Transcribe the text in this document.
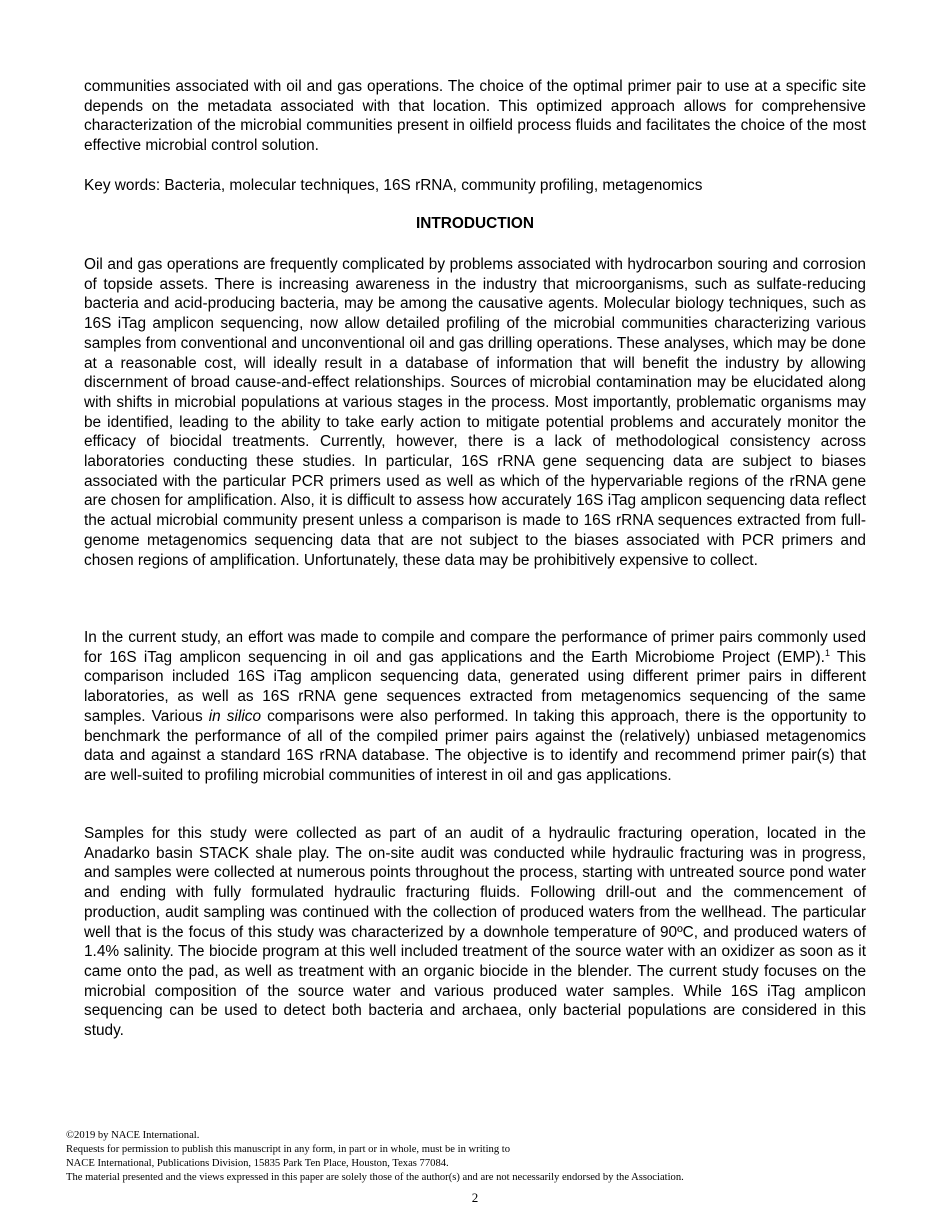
communities associated with oil and gas operations. The choice of the optimal primer pair to use at a specific site depends on the metadata associated with that location. This optimized approach allows for comprehensive characterization of the microbial communities present in oilfield process fluids and facilitates the choice of the most effective microbial control solution.

Key words: Bacteria, molecular techniques, 16S rRNA, community profiling, metagenomics

INTRODUCTION

Oil and gas operations are frequently complicated by problems associated with hydrocarbon souring and corrosion of topside assets. There is increasing awareness in the industry that microorganisms, such as sulfate-reducing bacteria and acid-producing bacteria, may be among the causative agents. Molecular biology techniques, such as 16S iTag amplicon sequencing, now allow detailed profiling of the microbial communities characterizing various samples from conventional and unconventional oil and gas drilling operations. These analyses, which may be done at a reasonable cost, will ideally result in a database of information that will benefit the industry by allowing discernment of broad cause-and-effect relationships. Sources of microbial contamination may be elucidated along with shifts in microbial populations at various stages in the process. Most importantly, problematic organisms may be identified, leading to the ability to take early action to mitigate potential problems and accurately monitor the efficacy of biocidal treatments. Currently, however, there is a lack of methodological consistency across laboratories conducting these studies. In particular, 16S rRNA gene sequencing data are subject to biases associated with the particular PCR primers used as well as which of the hypervariable regions of the rRNA gene are chosen for amplification. Also, it is difficult to assess how accurately 16S iTag amplicon sequencing data reflect the actual microbial community present unless a comparison is made to 16S rRNA sequences extracted from full-genome metagenomics sequencing data that are not subject to the biases associated with PCR primers and chosen regions of amplification. Unfortunately, these data may be prohibitively expensive to collect.

In the current study, an effort was made to compile and compare the performance of primer pairs commonly used for 16S iTag amplicon sequencing in oil and gas applications and the Earth Microbiome Project (EMP).$^1$ This comparison included 16S iTag amplicon sequencing data, generated using different primer pairs in different laboratories, as well as 16S rRNA gene sequences extracted from metagenomics sequencing of the same samples. Various in silico comparisons were also performed. In taking this approach, there is the opportunity to benchmark the performance of all of the compiled primer pairs against the (relatively) unbiased metagenomics data and against a standard 16S rRNA database. The objective is to identify and recommend primer pair(s) that are well-suited to profiling microbial communities of interest in oil and gas applications.

Samples for this study were collected as part of an audit of a hydraulic fracturing operation, located in the Anadarko basin STACK shale play. The on-site audit was conducted while hydraulic fracturing was in progress, and samples were collected at numerous points throughout the process, starting with untreated source pond water and ending with fully formulated hydraulic fracturing fluids. Following drill-out and the commencement of production, audit sampling was continued with the collection of produced waters from the wellhead. The particular well that is the focus of this study was characterized by a downhole temperature of 90ºC, and produced waters of 1.4% salinity. The biocide program at this well included treatment of the source water with an oxidizer as soon as it came onto the pad, as well as treatment with an organic biocide in the blender. The current study focuses on the microbial composition of the source water and various produced water samples. While 16S iTag amplicon sequencing can be used to detect both bacteria and archaea, only bacterial populations are considered in this study.

©2019 by NACE International.
Requests for permission to publish this manuscript in any form, in part or in whole, must be in writing to
NACE International, Publications Division, 15835 Park Ten Place, Houston, Texas 77084.
The material presented and the views expressed in this paper are solely those of the author(s) and are not necessarily endorsed by the Association.
2
